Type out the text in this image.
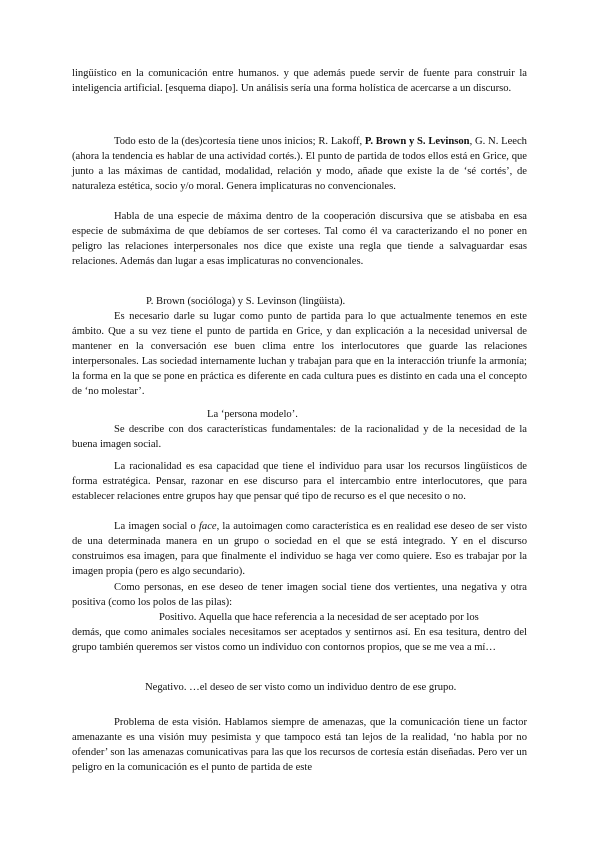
lingüístico en la comunicación entre humanos. y que además puede servir de fuente para construir la inteligencia artificial. [esquema diapo]. Un análisis sería una forma holística de acercarse a un discurso.

Todo esto de la (des)cortesía tiene unos inicios; R. Lakoff, P. Brown y S. Levinson, G. N. Leech (ahora la tendencia es hablar de una actividad cortés.). El punto de partida de todos ellos está en Grice, que junto a las máximas de cantidad, modalidad, relación y modo, añade que existe la de ‘sé cortés’, de naturaleza estética, socio y/o moral. Genera implicaturas no convencionales.

Habla de una especie de máxima dentro de la cooperación discursiva que se atisbaba en esa especie de submáxima de que debíamos de ser corteses. Tal como él va caracterizando el no poner en peligro las relaciones interpersonales nos dice que existe una regla que tiende a salvaguardar esas relaciones. Además dan lugar a esas implicaturas no convencionales.

P. Brown (socióloga) y S. Levinson (lingüista).

Es necesario darle su lugar como punto de partida para lo que actualmente tenemos en este ámbito. Que a su vez tiene el punto de partida en Grice, y dan explicación a la necesidad universal de mantener en la conversación ese buen clima entre los interlocutores que guarde las relaciones interpersonales. Las sociedad internamente luchan y trabajan para que en la interacción triunfe la armonía; la forma en la que se pone en práctica es diferente en cada cultura pues es distinto en cada una el concepto de ‘no molestar’.

La ‘persona modelo’.

Se describe con dos características fundamentales: de la racionalidad y de la necesidad de la buena imagen social.

La racionalidad es esa capacidad que tiene el individuo para usar los recursos lingüísticos de forma estratégica. Pensar, razonar en ese discurso para el intercambio entre interlocutores, que para establecer relaciones entre grupos hay que pensar qué tipo de recurso es el que necesito o no.

La imagen social o face, la autoimagen como característica es en realidad ese deseo de ser visto de una determinada manera en un grupo o sociedad en el que se está integrado. Y en el discurso construimos esa imagen, para que finalmente el individuo se haga ver como quiere. Eso es trabajar por la imagen propia (pero es algo secundario).

Como personas, en ese deseo de tener imagen social tiene dos vertientes, una negativa y otra positiva (como los polos de las pilas):

Positivo. Aquella que hace referencia a la necesidad de ser aceptado por los

demás, que como animales sociales necesitamos ser aceptados y sentirnos así. En esa tesitura, dentro del grupo también queremos ser vistos como un individuo con contornos propios, que se me vea a mí…

Negativo. …el deseo de ser visto como un individuo dentro de ese grupo.

Problema de esta visión. Hablamos siempre de amenazas, que la comunicación tiene un factor amenazante es una visión muy pesimista y que tampoco está tan lejos de la realidad, ‘no habla por no ofender’ son las amenazas comunicativas para las que los recursos de cortesía están diseñadas. Pero ver un peligro en la comunicación es el punto de partida de este
